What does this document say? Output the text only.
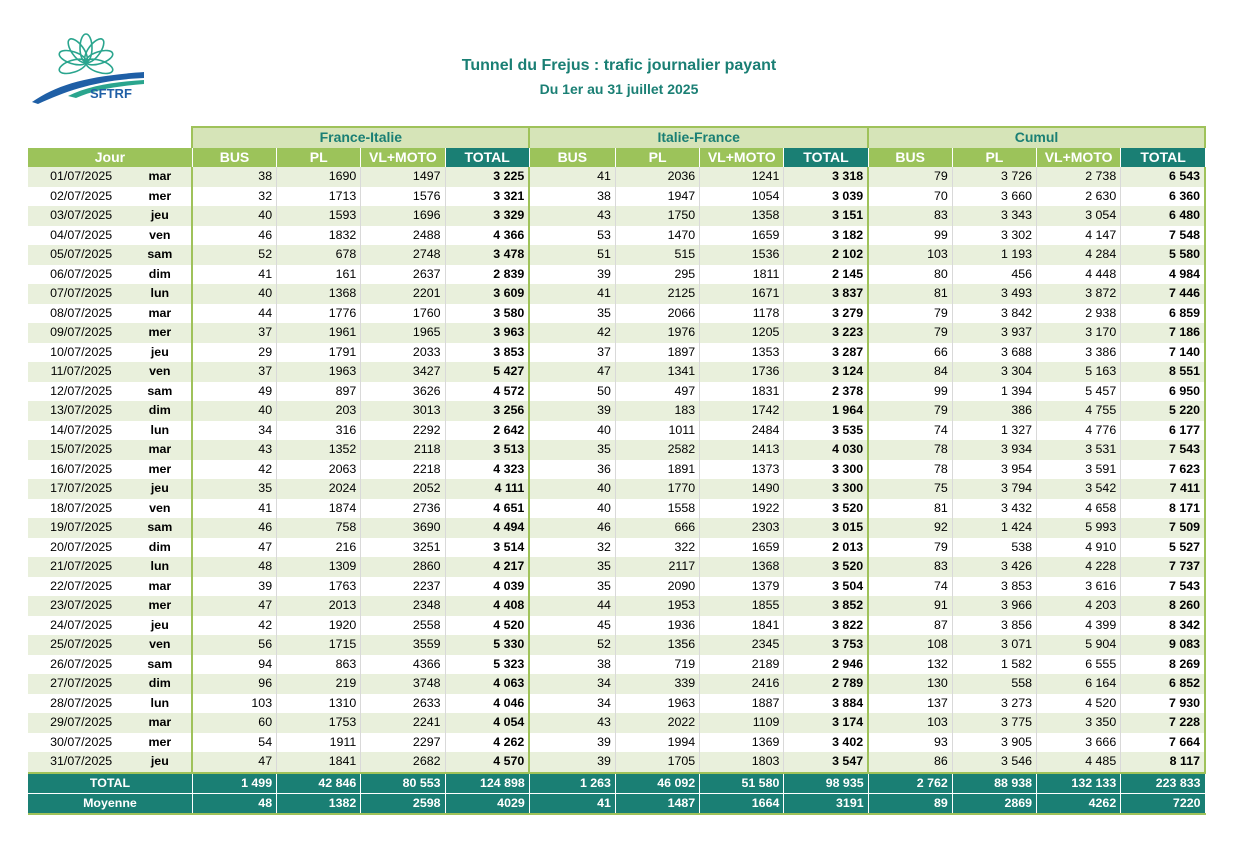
SFTRF
Tunnel du Frejus : trafic journalier payant
Du 1er au 31 juillet 2025
		France-Italie				Italie-France				Cumul			
Jour		BUS	PL	VL+MOTO	TOTAL	BUS	PL	VL+MOTO	TOTAL	BUS	PL	VL+MOTO	TOTAL
01/07/2025	mar	38	1690	1497	3 225	41	2036	1241	3 318	79	3 726	2 738	6 543
02/07/2025	mer	32	1713	1576	3 321	38	1947	1054	3 039	70	3 660	2 630	6 360
03/07/2025	jeu	40	1593	1696	3 329	43	1750	1358	3 151	83	3 343	3 054	6 480
04/07/2025	ven	46	1832	2488	4 366	53	1470	1659	3 182	99	3 302	4 147	7 548
05/07/2025	sam	52	678	2748	3 478	51	515	1536	2 102	103	1 193	4 284	5 580
06/07/2025	dim	41	161	2637	2 839	39	295	1811	2 145	80	456	4 448	4 984
07/07/2025	lun	40	1368	2201	3 609	41	2125	1671	3 837	81	3 493	3 872	7 446
08/07/2025	mar	44	1776	1760	3 580	35	2066	1178	3 279	79	3 842	2 938	6 859
09/07/2025	mer	37	1961	1965	3 963	42	1976	1205	3 223	79	3 937	3 170	7 186
10/07/2025	jeu	29	1791	2033	3 853	37	1897	1353	3 287	66	3 688	3 386	7 140
11/07/2025	ven	37	1963	3427	5 427	47	1341	1736	3 124	84	3 304	5 163	8 551
12/07/2025	sam	49	897	3626	4 572	50	497	1831	2 378	99	1 394	5 457	6 950
13/07/2025	dim	40	203	3013	3 256	39	183	1742	1 964	79	386	4 755	5 220
14/07/2025	lun	34	316	2292	2 642	40	1011	2484	3 535	74	1 327	4 776	6 177
15/07/2025	mar	43	1352	2118	3 513	35	2582	1413	4 030	78	3 934	3 531	7 543
16/07/2025	mer	42	2063	2218	4 323	36	1891	1373	3 300	78	3 954	3 591	7 623
17/07/2025	jeu	35	2024	2052	4 111	40	1770	1490	3 300	75	3 794	3 542	7 411
18/07/2025	ven	41	1874	2736	4 651	40	1558	1922	3 520	81	3 432	4 658	8 171
19/07/2025	sam	46	758	3690	4 494	46	666	2303	3 015	92	1 424	5 993	7 509
20/07/2025	dim	47	216	3251	3 514	32	322	1659	2 013	79	538	4 910	5 527
21/07/2025	lun	48	1309	2860	4 217	35	2117	1368	3 520	83	3 426	4 228	7 737
22/07/2025	mar	39	1763	2237	4 039	35	2090	1379	3 504	74	3 853	3 616	7 543
23/07/2025	mer	47	2013	2348	4 408	44	1953	1855	3 852	91	3 966	4 203	8 260
24/07/2025	jeu	42	1920	2558	4 520	45	1936	1841	3 822	87	3 856	4 399	8 342
25/07/2025	ven	56	1715	3559	5 330	52	1356	2345	3 753	108	3 071	5 904	9 083
26/07/2025	sam	94	863	4366	5 323	38	719	2189	2 946	132	1 582	6 555	8 269
27/07/2025	dim	96	219	3748	4 063	34	339	2416	2 789	130	558	6 164	6 852
28/07/2025	lun	103	1310	2633	4 046	34	1963	1887	3 884	137	3 273	4 520	7 930
29/07/2025	mar	60	1753	2241	4 054	43	2022	1109	3 174	103	3 775	3 350	7 228
30/07/2025	mer	54	1911	2297	4 262	39	1994	1369	3 402	93	3 905	3 666	7 664
31/07/2025	jeu	47	1841	2682	4 570	39	1705	1803	3 547	86	3 546	4 485	8 117
TOTAL		1 499	42 846	80 553	124 898	1 263	46 092	51 580	98 935	2 762	88 938	132 133	223 833
Moyenne		48	1382	2598	4029	41	1487	1664	3191	89	2869	4262	7220
